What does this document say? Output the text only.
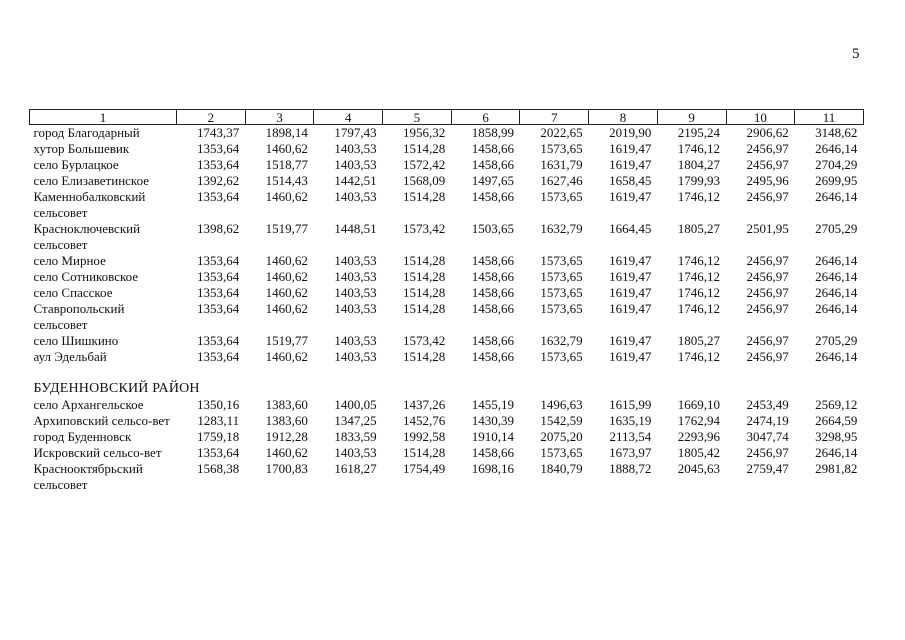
5
1	2	3	4	5	6	7	8	9	10	11
город Благодарный	1743,37	1898,14	1797,43	1956,32	1858,99	2022,65	2019,90	2195,24	2906,62	3148,62
хутор Большевик	1353,64	1460,62	1403,53	1514,28	1458,66	1573,65	1619,47	1746,12	2456,97	2646,14
село Бурлацкое	1353,64	1518,77	1403,53	1572,42	1458,66	1631,79	1619,47	1804,27	2456,97	2704,29
село Елизаветинское	1392,62	1514,43	1442,51	1568,09	1497,65	1627,46	1658,45	1799,93	2495,96	2699,95
Каменнобалковский сельсовет	1353,64	1460,62	1403,53	1514,28	1458,66	1573,65	1619,47	1746,12	2456,97	2646,14
Красноключевский сельсовет	1398,62	1519,77	1448,51	1573,42	1503,65	1632,79	1664,45	1805,27	2501,95	2705,29
село Мирное	1353,64	1460,62	1403,53	1514,28	1458,66	1573,65	1619,47	1746,12	2456,97	2646,14
село Сотниковское	1353,64	1460,62	1403,53	1514,28	1458,66	1573,65	1619,47	1746,12	2456,97	2646,14
село Спасское	1353,64	1460,62	1403,53	1514,28	1458,66	1573,65	1619,47	1746,12	2456,97	2646,14
Ставропольский сельсовет	1353,64	1460,62	1403,53	1514,28	1458,66	1573,65	1619,47	1746,12	2456,97	2646,14
село Шишкино	1353,64	1519,77	1403,53	1573,42	1458,66	1632,79	1619,47	1805,27	2456,97	2705,29
аул Эдельбай	1353,64	1460,62	1403,53	1514,28	1458,66	1573,65	1619,47	1746,12	2456,97	2646,14
БУДЕННОВСКИЙ РАЙОН										
село Архангельское	1350,16	1383,60	1400,05	1437,26	1455,19	1496,63	1615,99	1669,10	2453,49	2569,12
Архиповский сельсо-вет	1283,11	1383,60	1347,25	1452,76	1430,39	1542,59	1635,19	1762,94	2474,19	2664,59
город Буденновск	1759,18	1912,28	1833,59	1992,58	1910,14	2075,20	2113,54	2293,96	3047,74	3298,95
Искровский сельсо-вет	1353,64	1460,62	1403,53	1514,28	1458,66	1573,65	1673,97	1805,42	2456,97	2646,14
Краснооктябрьский сельсовет	1568,38	1700,83	1618,27	1754,49	1698,16	1840,79	1888,72	2045,63	2759,47	2981,82
